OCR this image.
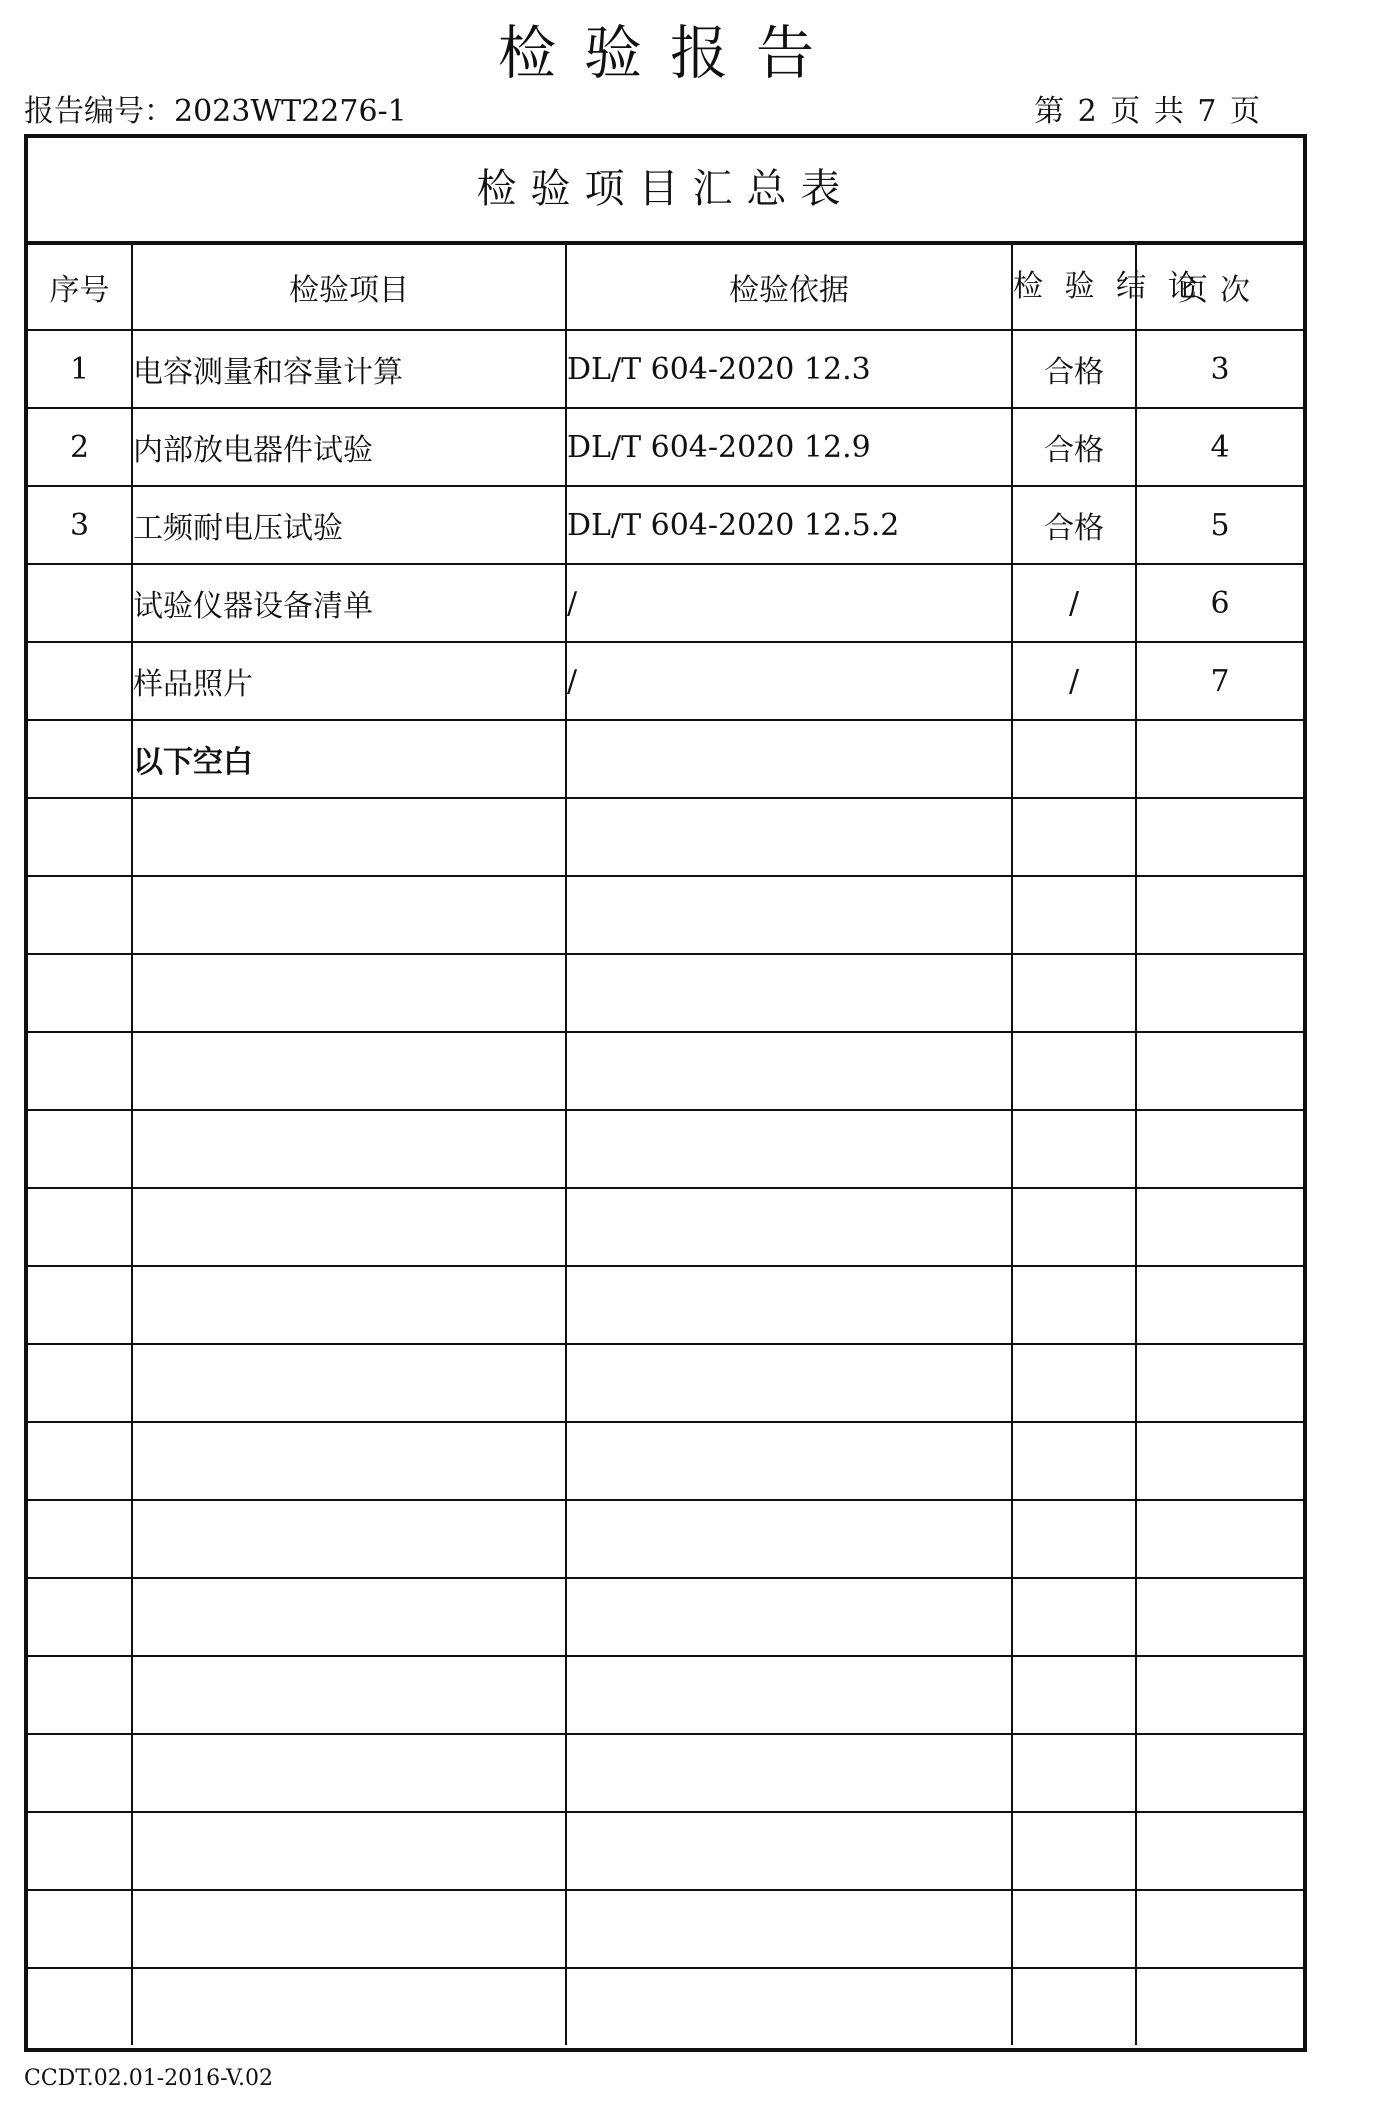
检验报告
报告编号：2023WT2276-1	第 2 页 共 7 页
检验项目汇总表
序号	检验项目	检验依据	检 验 结 论	页次
1	电容测量和容量计算	DL/T 604-2020 12.3	合格	3
2	内部放电器件试验	DL/T 604-2020 12.9	合格	4
3	工频耐电压试验	DL/T 604-2020 12.5.2	合格	5
	试验仪器设备清单	/	/	6
	样品照片	/	/	7
	以下空白			

CCDT.02.01-2016-V.02
